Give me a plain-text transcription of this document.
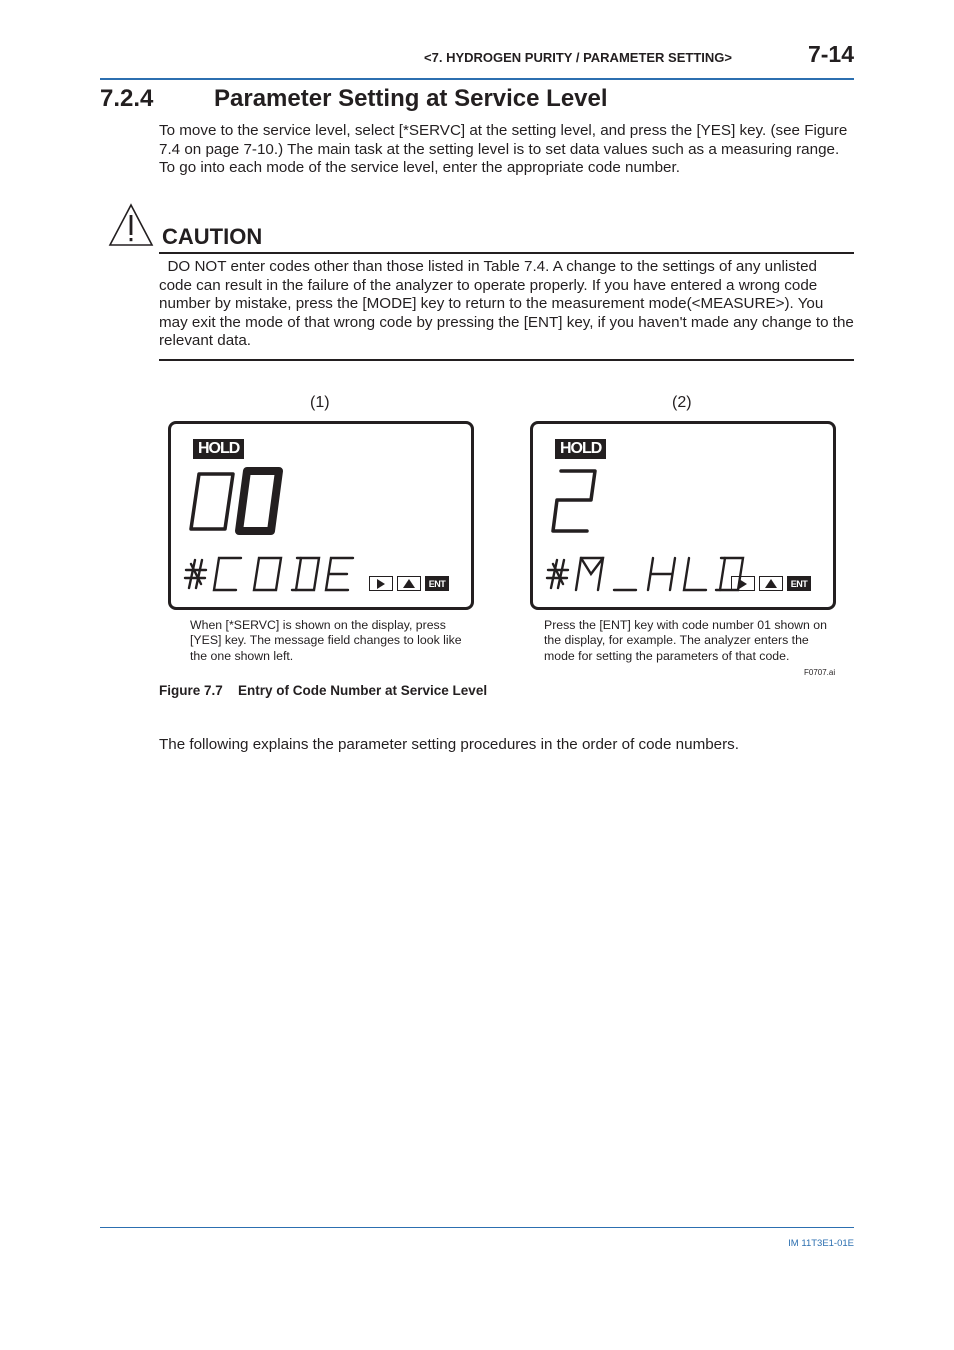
<7. HYDROGEN PURITY / PARAMETER SETTING>	7-14
7.2.4	Parameter Setting at Service Level

To move to the service level, select [*SERVC] at the setting level, and press the [YES] key. (see Figure 7.4 on page 7-10.) The main task at the setting level is to set data values such as a measuring range. To go into each mode of the service level, enter the appropriate code number.

CAUTION

DO NOT enter codes other than those listed in Table 7.4. A change to the settings of any unlisted code can result in the failure of the analyzer to operate properly. If you have entered a wrong code number by mistake, press the [MODE] key to return to the measurement mode(<MEASURE>). You may exit the mode of that wrong code by pressing the [ENT] key, if you haven't made any change to the relevant data.

(1)
HOLD
ENT

When [*SERVC] is shown on the display, press [YES] key. The message field changes to look like the one shown left.

(2)
HOLD
ENT

Press the [ENT] key with code number 01 shown on the display, for example. The analyzer enters the mode for setting the parameters of that code.

F0707.ai
Figure 7.7 Entry of Code Number at Service Level

The following explains the parameter setting procedures in the order of code numbers.

IM 11T3E1-01E
